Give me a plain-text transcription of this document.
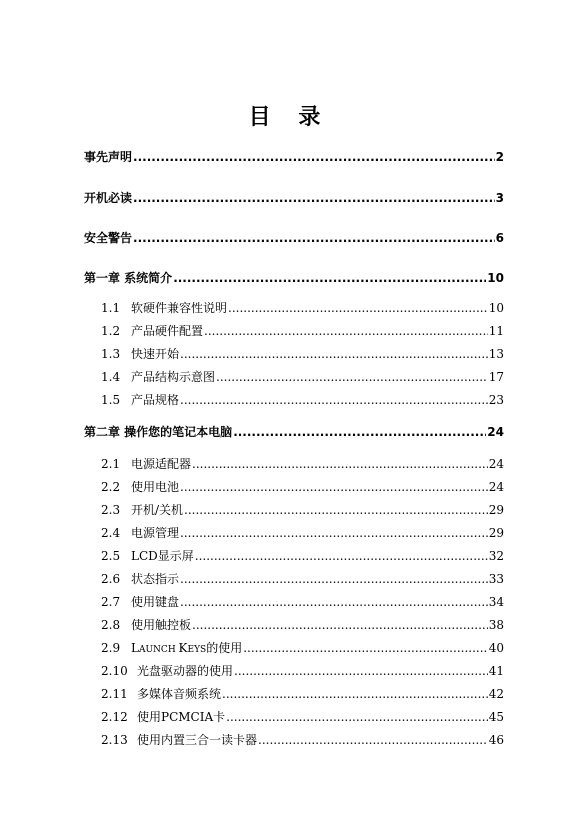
目 录
事先声明 .....	2
开机必读 .....	3
安全警告 .....	6
第一章 系统简介 .....	10
1.1 软硬件兼容性说明 .....	10
1.2 产品硬件配置 .....	11
1.3 快速开始 .....	13
1.4 产品结构示意图 .....	17
1.5 产品规格 .....	23
第二章 操作您的笔记本电脑 .....	24
2.1 电源适配器 .....	24
2.2 使用电池 .....	24
2.3 开机/关机 .....	29
2.4 电源管理 .....	29
2.5 LCD显示屏 .....	32
2.6 状态指示 .....	33
2.7 使用键盘 .....	34
2.8 使用触控板 .....	38
2.9 LAUNCH KEYS的使用 .....	40
2.10 光盘驱动器的使用 .....	41
2.11 多媒体音频系统 .....	42
2.12 使用PCMCIA卡 .....	45
2.13 使用内置三合一读卡器 .....	46
